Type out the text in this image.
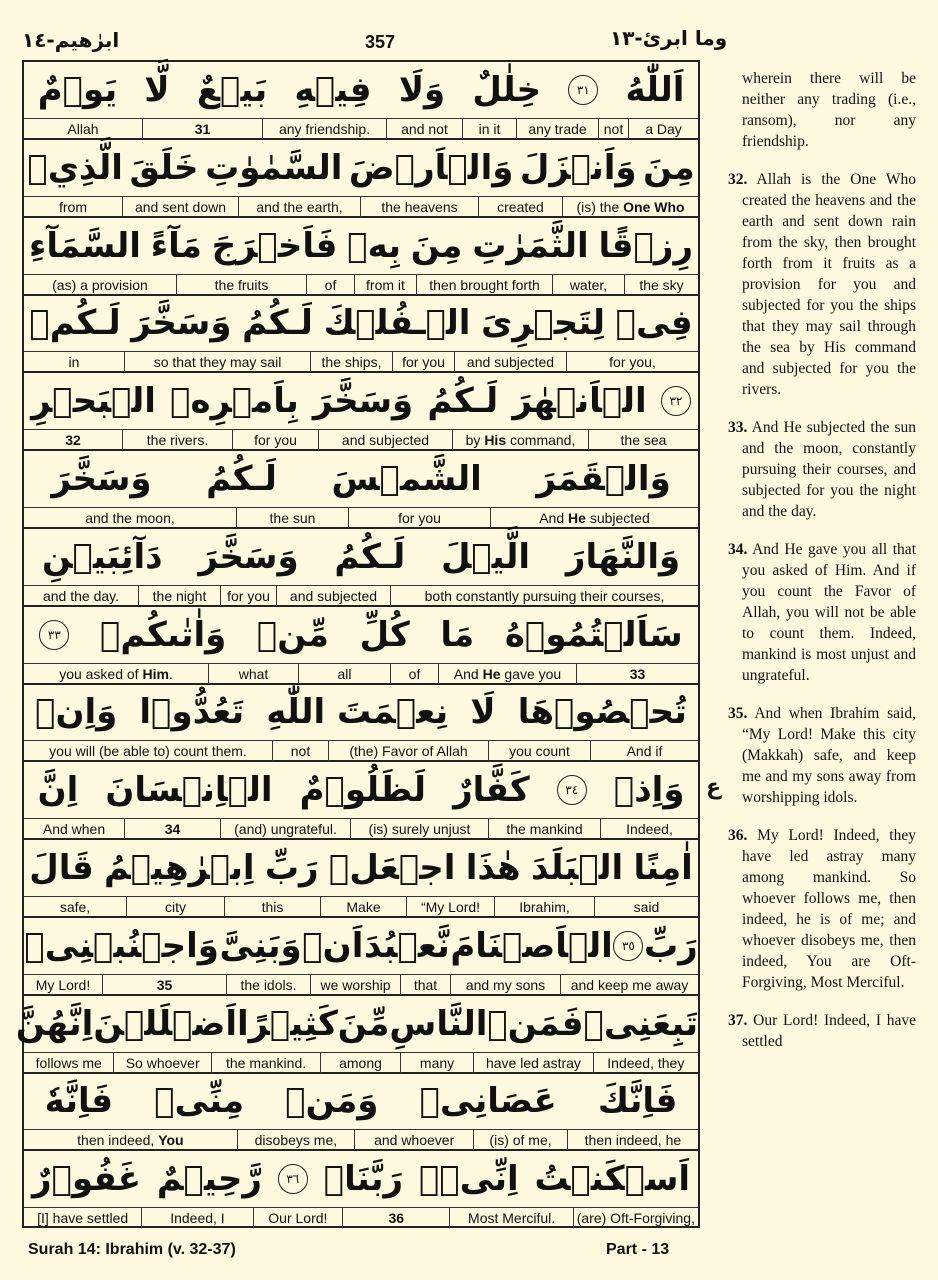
ابرٰهيم-١٤	357	وما ابرئ-١٣
يَوۡمٌ لَّا بَيۡعٌ فِيۡهِ وَلَا خِلٰلٌ	٣١ اَللّٰهُ
Allah	31	any friendship.	and not	in it	any trade	not	a Day
الَّذِيۡ خَلَقَ السَّمٰوٰتِ وَالۡاَرۡضَ وَاَنۡزَلَ مِنَ
from	and sent down	and the earth,	the heavens	created	(is) the One Who
السَّمَآءِ مَآءً فَاَخۡرَجَ بِهٖ مِنَ الثَّمَرٰتِ رِزۡقًا
(as) a provision	the fruits	of	from it	then brought forth	water,	the sky
لَـكُمۡ وَسَخَّرَ لَـكُمُ الۡـفُلۡكَ لِتَجۡرِىَ فِىۡ
in	so that they may sail	the ships,	for you	and subjected	for you,
الۡبَحۡرِ بِاَمۡرِهٖ وَسَخَّرَ لَـكُمُ الۡاَنۡهٰرَ	٣٢
32	the rivers.	for you	and subjected	by His command,	the sea
وَسَخَّرَ لَـكُمُ الشَّمۡسَ وَالۡقَمَرَ
and the moon,	the sun	for you	And He subjected
دَآئِبَيۡنِ وَسَخَّرَ لَـكُمُ الَّيۡلَ وَالنَّهَارَ
and the day.	the night	for you	and subjected	both constantly pursuing their courses,
٣٣ وَاٰتٰٮكُمۡ مِّنۡ كُلِّ مَا سَاَلۡتُمُوۡهُ
you asked of Him.	what	all	of	And He gave you	33
وَاِنۡ تَعُدُّوۡا نِعۡمَتَ اللّٰهِ لَا تُحۡصُوۡهَا
you will (be able to) count them.	not	(the) Favor of Allah	you count	And if
اِنَّ الۡاِنۡسَانَ لَظَلُوۡمٌ كَفَّارٌ	٣٤ وَاِذۡ
And when	34	(and) ungrateful.	(is) surely unjust	the mankind	Indeed,
قَالَ اِبۡرٰهِيۡمُ رَبِّ اجۡعَلۡ هٰذَا الۡبَلَدَ اٰمِنًا
safe,	city	this	Make	“My Lord!	Ibrahim,	said
وَاجۡنُبۡنِىۡ وَبَنِىَّ اَنۡ نَّعۡبُدَ الۡاَصۡنَامَ ٣٥ رَبِّ
My Lord!	35	the idols.	we worship	that	and my sons	and keep me away
اِنَّهُنَّ اَضۡلَلۡنَ كَثِيۡرًا مِّنَ النَّاسِ فَمَنۡ تَبِعَنِىۡ
follows me	So whoever	the mankind.	among	many	have led astray	Indeed, they
فَاِنَّهٗ مِنِّىۡ وَمَنۡ عَصَانِىۡ فَاِنَّكَ
then indeed, You	disobeys me,	and whoever	(is) of me,	then indeed, he
غَفُوۡرٌ رَّحِيۡمٌ	٣٦ رَبَّنَاۤ اِنِّىۡۤ اَسۡكَنۡتُ
[I] have settled	Indeed, I	Our Lord!	36	Most Merciful.	(are) Oft-Forgiving,
ع

wherein there will be neither any trading (i.e., ransom), nor any friendship.

32. Allah is the One Who created the heavens and the earth and sent down rain from the sky, then brought forth from it fruits as a provision for you and subjected for you the ships that they may sail through the sea by His command and subjected for you the rivers.

33. And He subjected the sun and the moon, constantly pursuing their courses, and subjected for you the night and the day.

34. And He gave you all that you asked of Him. And if you count the Favor of Allah, you will not be able to count them. Indeed, mankind is most unjust and ungrateful.

35. And when Ibrahim said, “My Lord! Make this city (Makkah) safe, and keep me and my sons away from worshipping idols.

36. My Lord! Indeed, they have led astray many among mankind. So whoever follows me, then indeed, he is of me; and whoever disobeys me, then indeed, You are Oft-Forgiving, Most Merciful.

37. Our Lord! Indeed, I have settled

Surah 14: Ibrahim (v. 32-37)	Part - 13
